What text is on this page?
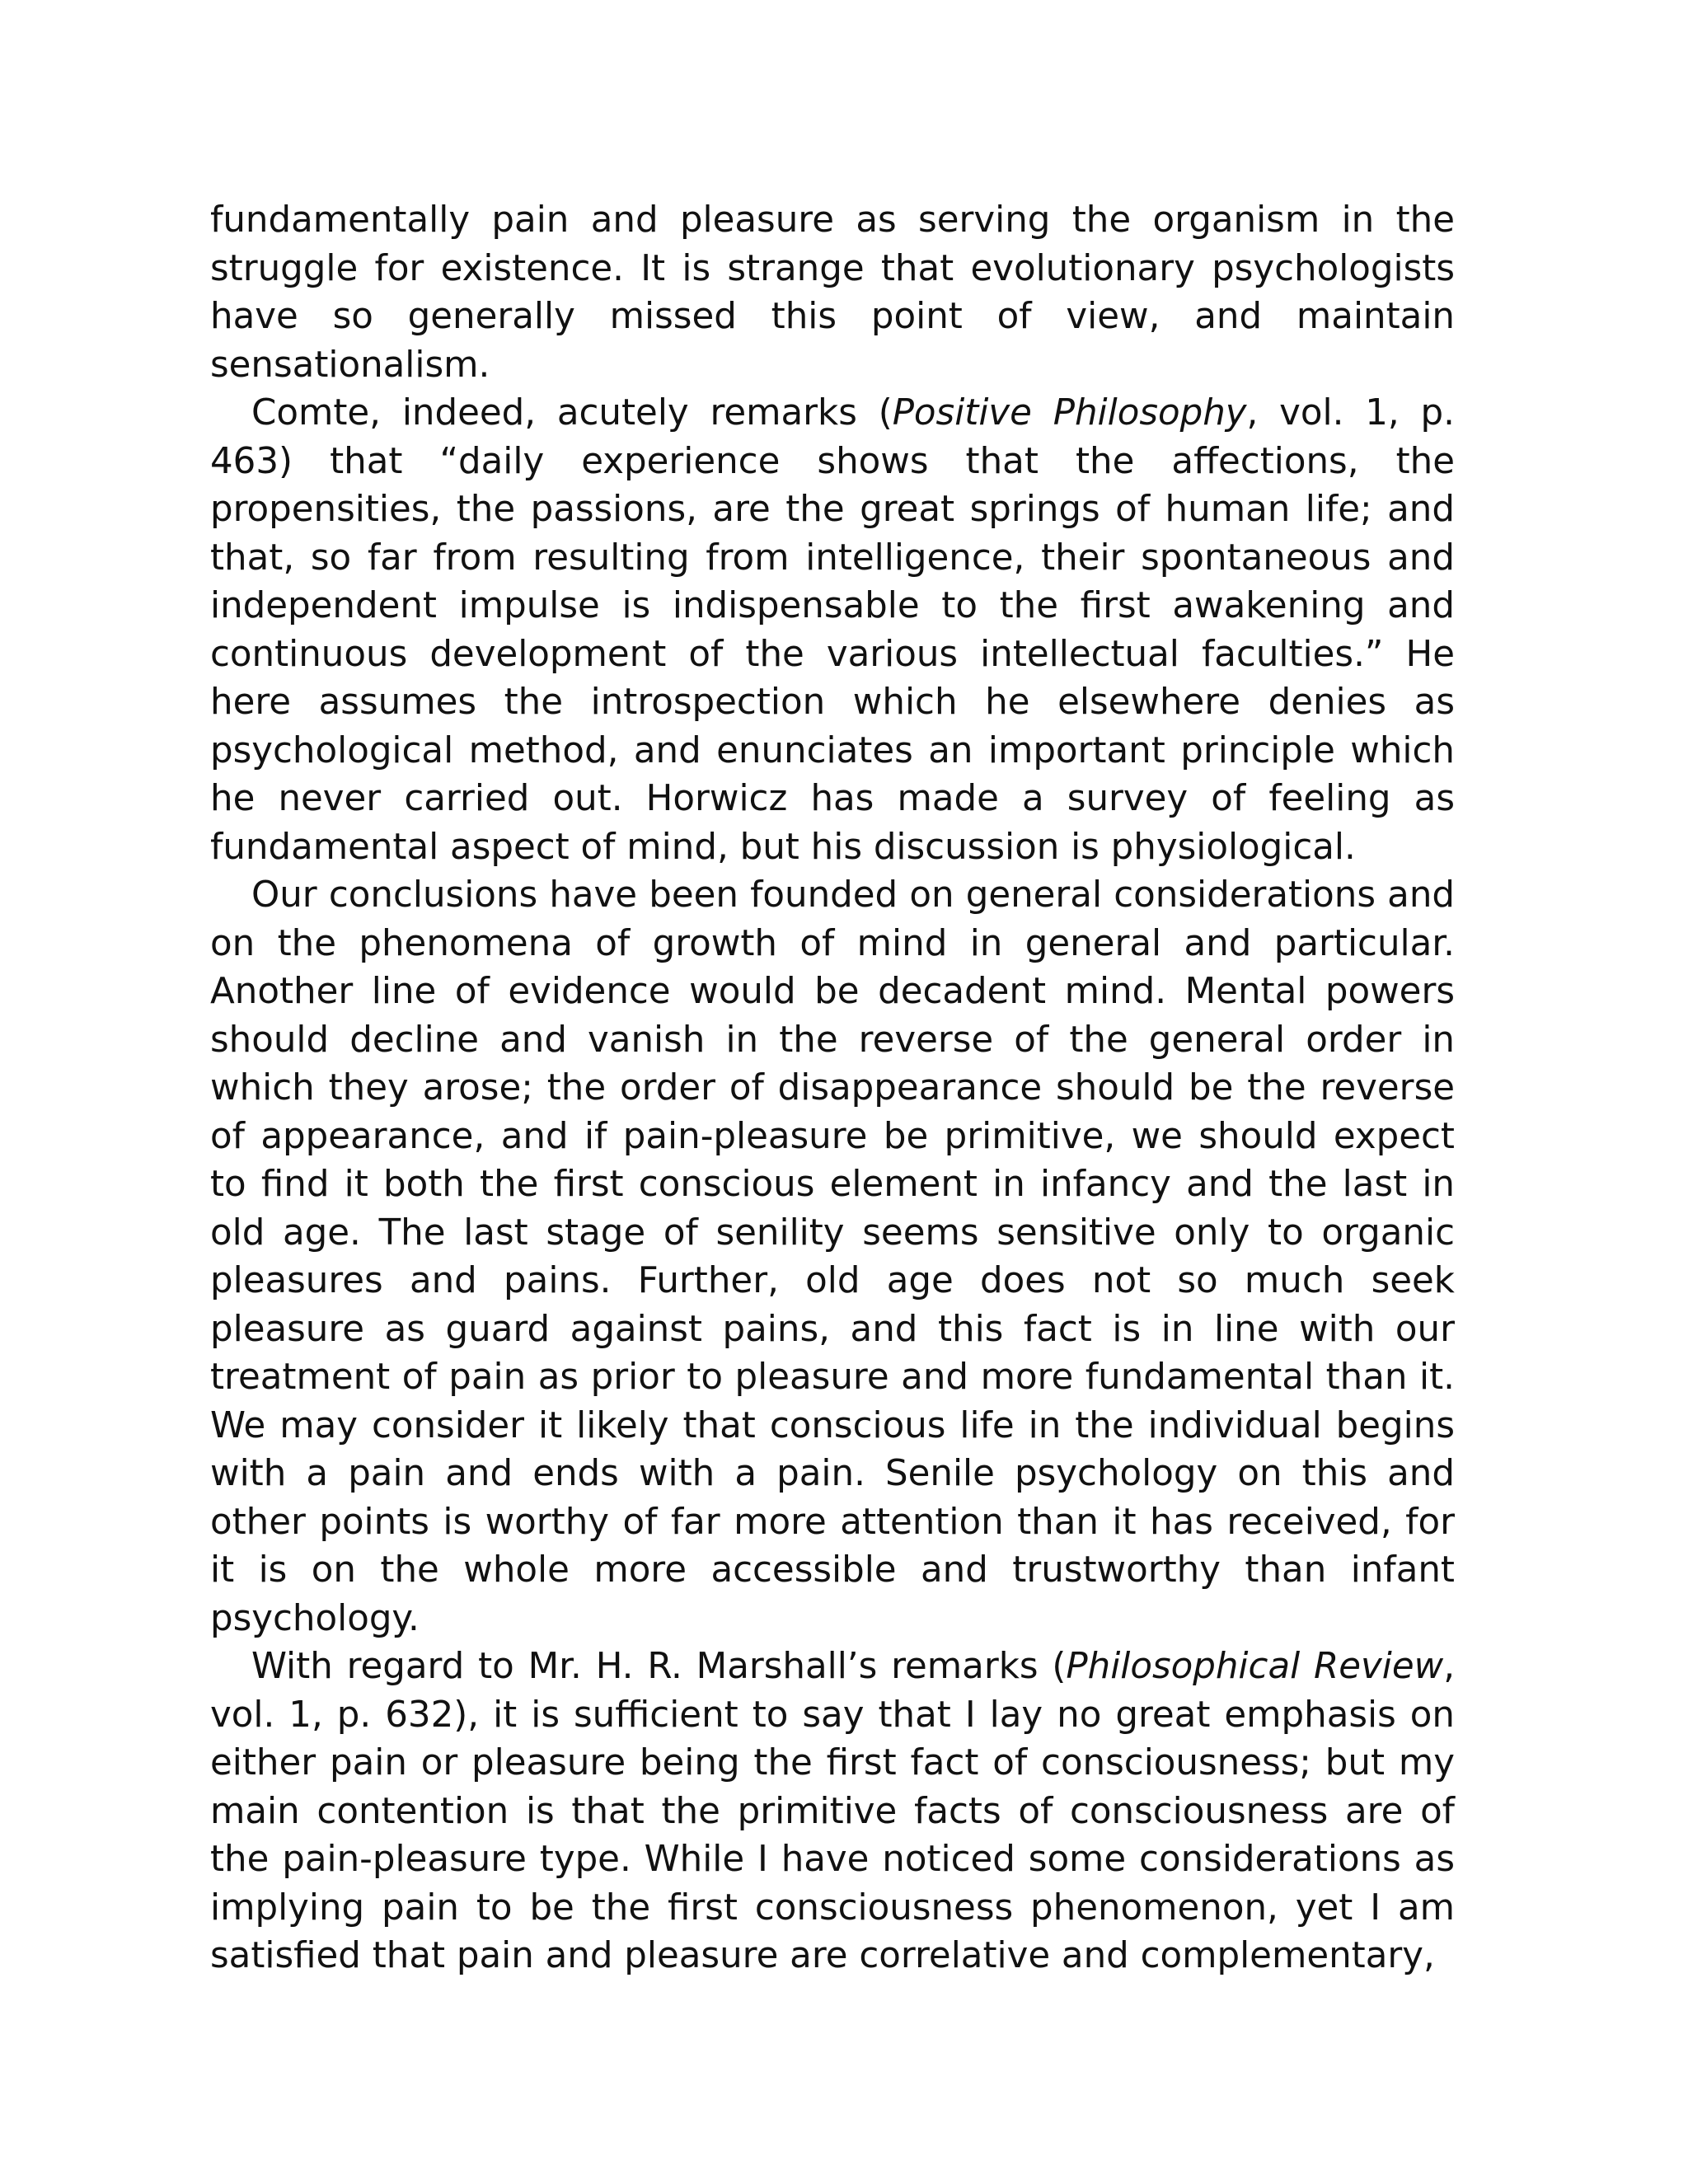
fundamentally pain and pleasure as serving the organism in the struggle for existence. It is strange that evolutionary psychologists have so generally missed this point of view, and maintain sensationalism.

Comte, indeed, acutely remarks (Positive Philosophy, vol. 1, p. 463) that “daily experience shows that the affections, the propensities, the passions, are the great springs of human life; and that, so far from resulting from intelligence, their spontaneous and independent impulse is indispensable to the first awakening and continuous development of the various intellectual faculties.” He here assumes the introspection which he elsewhere denies as psychological method, and enunciates an important principle which he never carried out. Horwicz has made a survey of feeling as fundamental aspect of mind, but his discussion is physiological.

Our conclusions have been founded on general considerations and on the phenomena of growth of mind in general and particular. Another line of evidence would be decadent mind. Mental powers should decline and vanish in the reverse of the general order in which they arose; the order of disappearance should be the reverse of appearance, and if pain-pleasure be primitive, we should expect to find it both the first conscious element in infancy and the last in old age. The last stage of senility seems sensitive only to organic pleasures and pains. Further, old age does not so much seek pleasure as guard against pains, and this fact is in line with our treatment of pain as prior to pleasure and more fundamental than it. We may consider it likely that conscious life in the individual begins with a pain and ends with a pain. Senile psychology on this and other points is worthy of far more attention than it has received, for it is on the whole more accessible and trustworthy than infant psychology.

With regard to Mr. H. R. Marshall’s remarks (Philosophical Review, vol. 1, p. 632), it is sufficient to say that I lay no great emphasis on either pain or pleasure being the first fact of consciousness; but my main contention is that the primitive facts of consciousness are of the pain-pleasure type. While I have noticed some considerations as implying pain to be the first consciousness phenomenon, yet I am satisfied that pain and pleasure are correlative and complementary,
